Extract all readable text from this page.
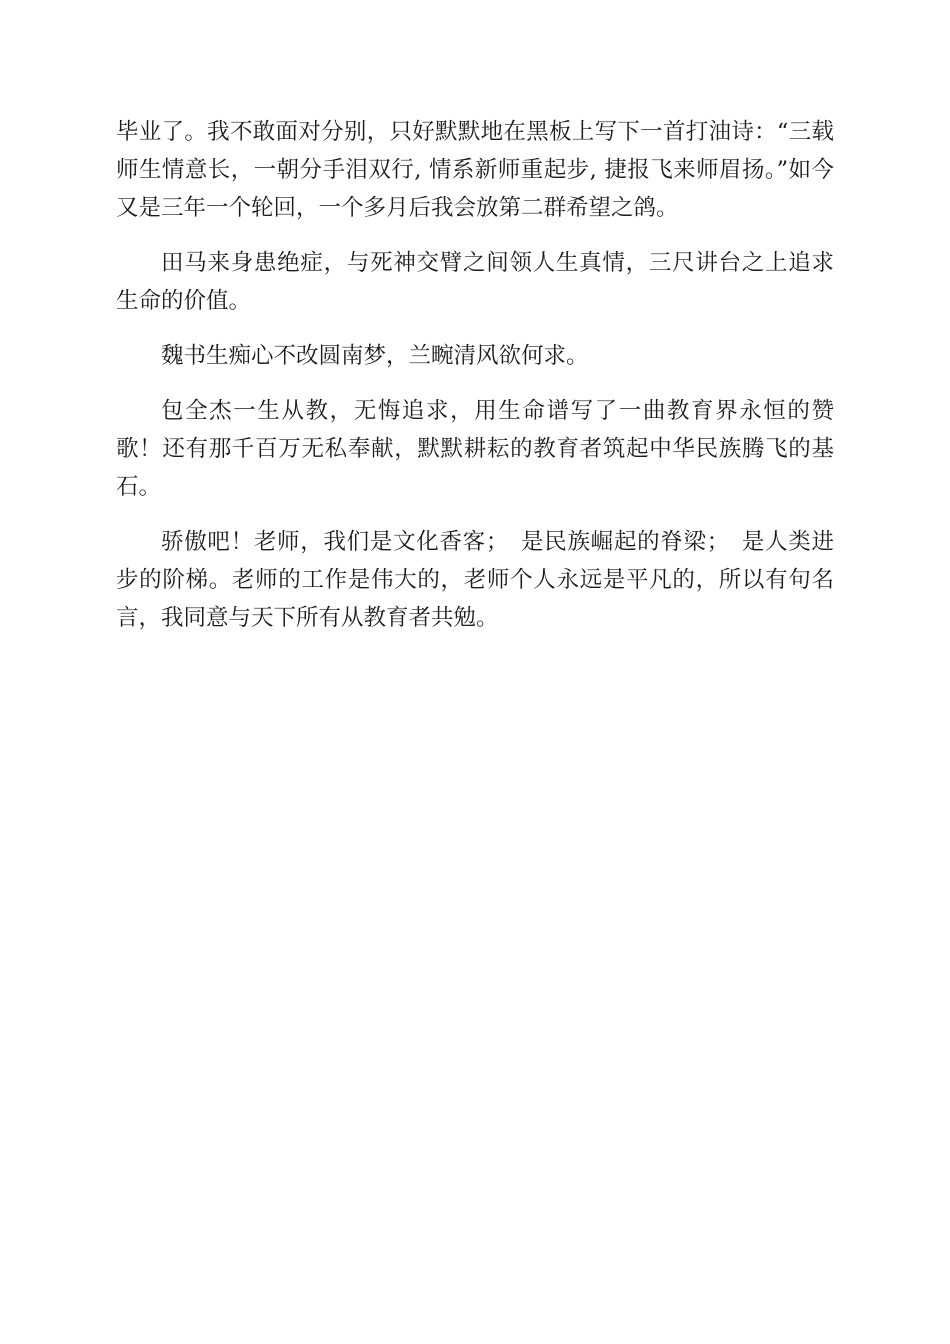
毕业了。我不敢面对分别，只好默默地在黑板上写下一首打油诗：“三载师生情意长，一朝分手泪双行, 情系新师重起步, 捷报飞来师眉扬。”如今又是三年一个轮回，一个多月后我会放第二群希望之鸽。

田马来身患绝症，与死神交臂之间领人生真情，三尺讲台之上追求生命的价值。

魏书生痴心不改圆南梦，兰畹清风欲何求。

包全杰一生从教，无悔追求，用生命谱写了一曲教育界永恒的赞歌！还有那千百万无私奉献，默默耕耘的教育者筑起中华民族腾飞的基石。

骄傲吧！老师，我们是文化香客；　是民族崛起的脊梁；　是人类进步的阶梯。老师的工作是伟大的，老师个人永远是平凡的，所以有句名言，我同意与天下所有从教育者共勉。
